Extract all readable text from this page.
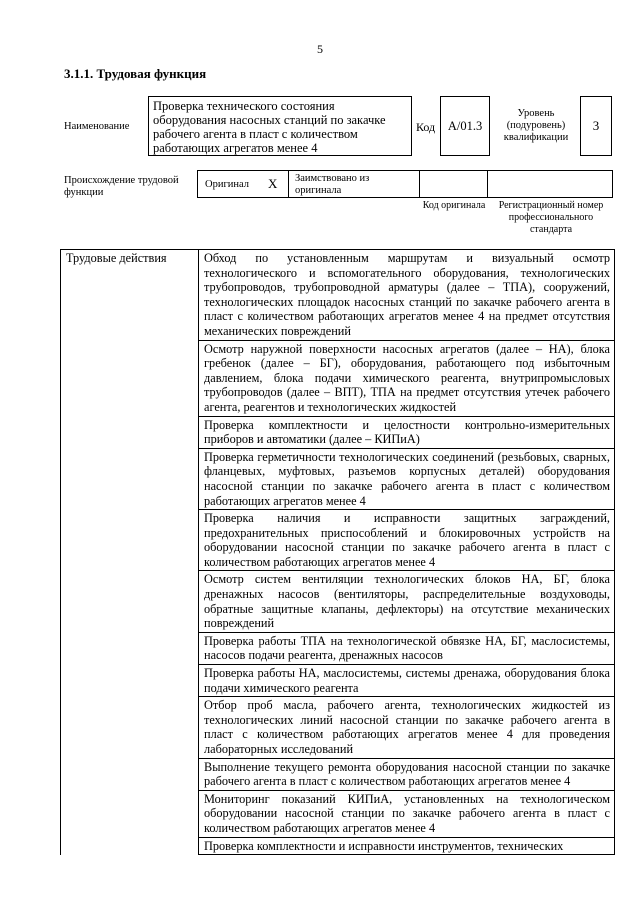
5
3.1.1. Трудовая функция
Наименование
Проверка технического состояния оборудования насосных станций по закачке рабочего агента в пласт с количеством работающих агрегатов менее 4
Код	А/01.3
Уровень (подуровень) квалификации
3
Происхождение трудовой функции
Оригинал X Заимствовано из оригинала
Код оригинала	Регистрационный номер профессионального стандарта
Трудовые действия	Обход по установленным маршрутам и визуальный осмотр технологического и вспомогательного оборудования, технологических трубопроводов, трубопроводной арматуры (далее – ТПА), сооружений, технологических площадок насосных станций по закачке рабочего агента в пласт с количеством работающих агрегатов менее 4 на предмет отсутствия механических повреждений
Осмотр наружной поверхности насосных агрегатов (далее – НА), блока гребенок (далее – БГ), оборудования, работающего под избыточным давлением, блока подачи химического реагента, внутрипромысловых трубопроводов (далее – ВПТ), ТПА на предмет отсутствия утечек рабочего агента, реагентов и технологических жидкостей
Проверка комплектности и целостности контрольно-измерительных приборов и автоматики (далее – КИПиА)
Проверка герметичности технологических соединений (резьбовых, сварных, фланцевых, муфтовых, разъемов корпусных деталей) оборудования насосной станции по закачке рабочего агента в пласт с количеством работающих агрегатов менее 4
Проверка наличия и исправности защитных заграждений, предохранительных приспособлений и блокировочных устройств на оборудовании насосной станции по закачке рабочего агента в пласт с количеством работающих агрегатов менее 4
Осмотр систем вентиляции технологических блоков НА, БГ, блока дренажных насосов (вентиляторы, распределительные воздуховоды, обратные защитные клапаны, дефлекторы) на отсутствие механических повреждений
Проверка работы ТПА на технологической обвязке НА, БГ, маслосистемы, насосов подачи реагента, дренажных насосов
Проверка работы НА, маслосистемы, системы дренажа, оборудования блока подачи химического реагента
Отбор проб масла, рабочего агента, технологических жидкостей из технологических линий насосной станции по закачке рабочего агента в пласт с количеством работающих агрегатов менее 4 для проведения лабораторных исследований
Выполнение текущего ремонта оборудования насосной станции по закачке рабочего агента в пласт с количеством работающих агрегатов менее 4
Мониторинг показаний КИПиА, установленных на технологическом оборудовании насосной станции по закачке рабочего агента в пласт с количеством работающих агрегатов менее 4
Проверка комплектности и исправности инструментов, технических
